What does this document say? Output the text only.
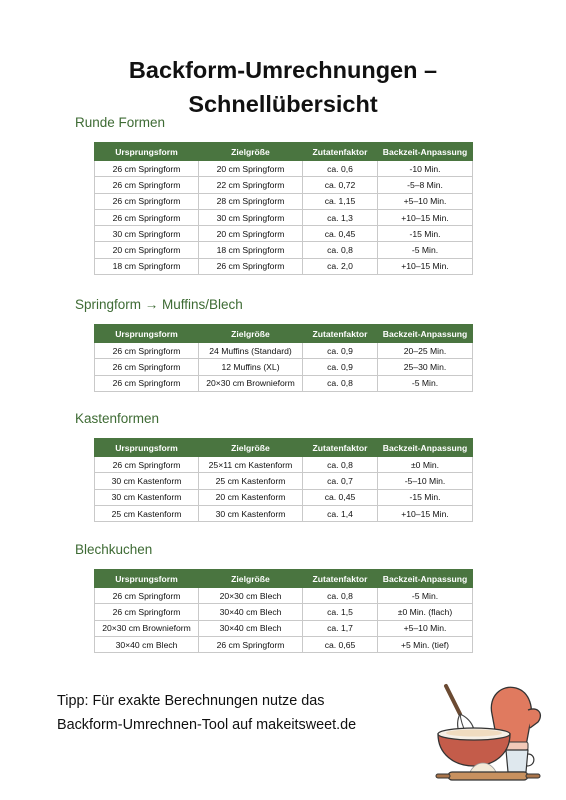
Backform-Umrechnungen –
Schnellübersicht
Runde Formen
Ursprungsform	Zielgröße	Zutatenfaktor	Backzeit-Anpassung
26 cm Springform	20 cm Springform	ca. 0,6	-10 Min.
26 cm Springform	22 cm Springform	ca. 0,72	-5–8 Min.
26 cm Springform	28 cm Springform	ca. 1,15	+5–10 Min.
26 cm Springform	30 cm Springform	ca. 1,3	+10–15 Min.
30 cm Springform	20 cm Springform	ca. 0,45	-15 Min.
20 cm Springform	18 cm Springform	ca. 0,8	-5 Min.
18 cm Springform	26 cm Springform	ca. 2,0	+10–15 Min.
Springform → Muffins/Blech
Ursprungsform	Zielgröße	Zutatenfaktor	Backzeit-Anpassung
26 cm Springform	24 Muffins (Standard)	ca. 0,9	20–25 Min.
26 cm Springform	12 Muffins (XL)	ca. 0,9	25–30 Min.
26 cm Springform	20×30 cm Brownieform	ca. 0,8	-5 Min.
Kastenformen
Ursprungsform	Zielgröße	Zutatenfaktor	Backzeit-Anpassung
26 cm Springform	25×11 cm Kastenform	ca. 0,8	±0 Min.
30 cm Kastenform	25 cm Kastenform	ca. 0,7	-5–10 Min.
30 cm Kastenform	20 cm Kastenform	ca. 0,45	-15 Min.
25 cm Kastenform	30 cm Kastenform	ca. 1,4	+10–15 Min.
Blechkuchen
Ursprungsform	Zielgröße	Zutatenfaktor	Backzeit-Anpassung
26 cm Springform	20×30 cm Blech	ca. 0,8	-5 Min.
26 cm Springform	30×40 cm Blech	ca. 1,5	±0 Min. (flach)
20×30 cm Brownieform	30×40 cm Blech	ca. 1,7	+5–10 Min.
30×40 cm Blech	26 cm Springform	ca. 0,65	+5 Min. (tief)
Tipp: Für exakte Berechnungen nutze das
Backform-Umrechnen-Tool auf makeitsweet.de
